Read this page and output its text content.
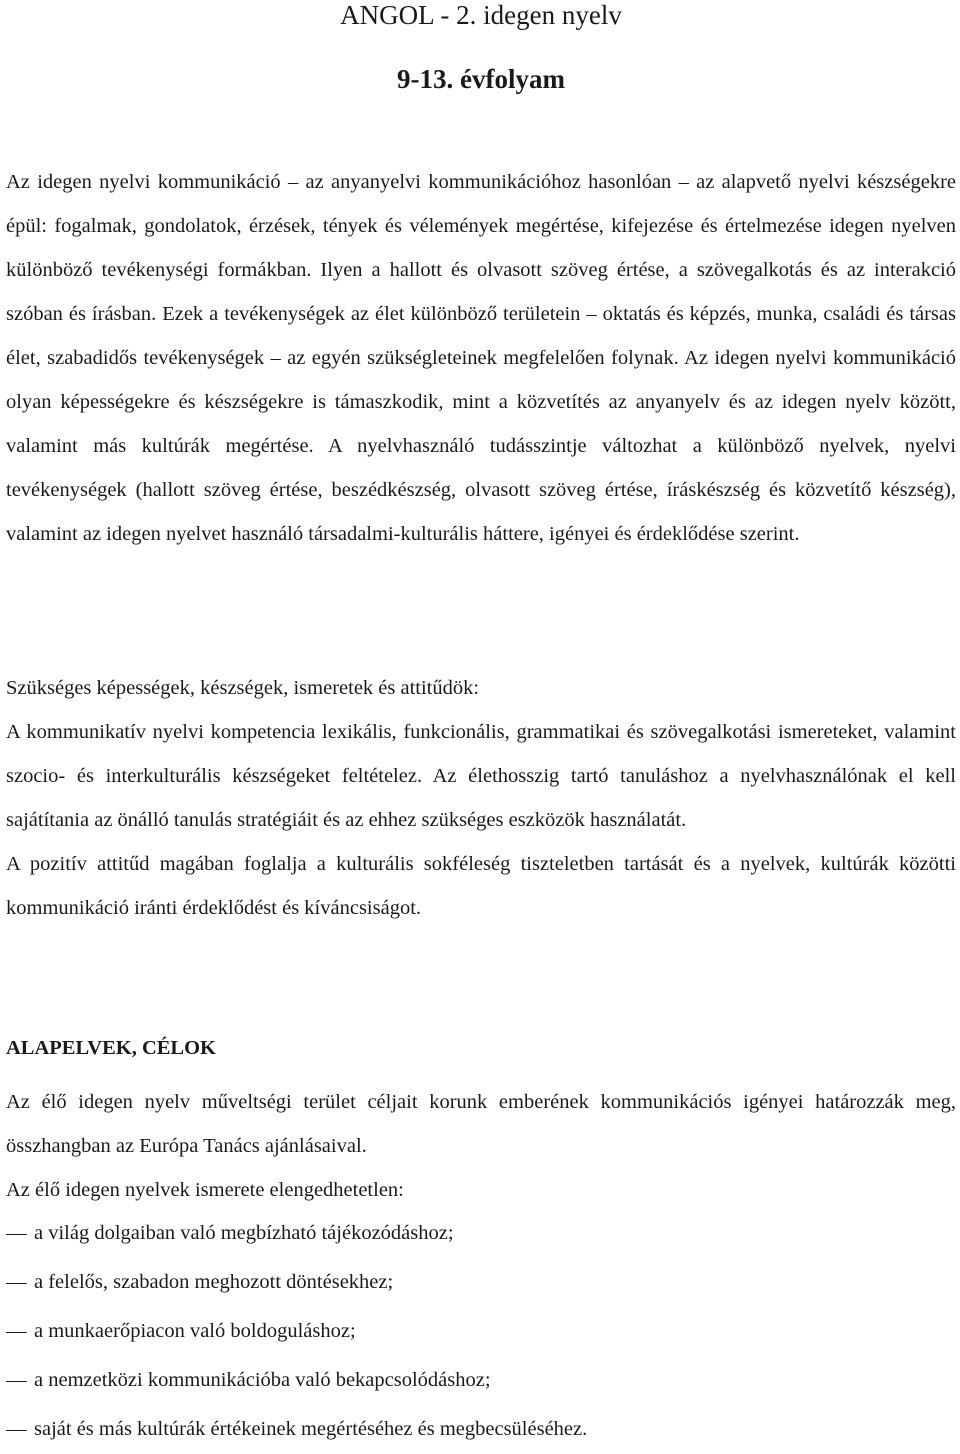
ANGOL - 2. idegen nyelv
9-13. évfolyam

Az idegen nyelvi kommunikáció – az anyanyelvi kommunikációhoz hasonlóan – az alapvető nyelvi készségekre épül: fogalmak, gondolatok, érzések, tények és vélemények megértése, kifejezése és értelmezése idegen nyelven különböző tevékenységi formákban. Ilyen a hallott és olvasott szöveg értése, a szövegalkotás és az interakció szóban és írásban. Ezek a tevékenységek az élet különböző területein – oktatás és képzés, munka, családi és társas élet, szabadidős tevékenységek – az egyén szükségleteinek megfelelően folynak. Az idegen nyelvi kommunikáció olyan képességekre és készségekre is támaszkodik, mint a közvetítés az anyanyelv és az idegen nyelv között, valamint más kultúrák megértése. A nyelvhasználó tudásszintje változhat a különböző nyelvek, nyelvi tevékenységek (hallott szöveg értése, beszédkészség, olvasott szöveg értése, íráskészség és közvetítő készség), valamint az idegen nyelvet használó társadalmi-kulturális háttere, igényei és érdeklődése szerint.

Szükséges képességek, készségek, ismeretek és attitűdök:

A kommunikatív nyelvi kompetencia lexikális, funkcionális, grammatikai és szövegalkotási ismereteket, valamint szocio- és interkulturális készségeket feltételez. Az élethosszig tartó tanuláshoz a nyelvhasználónak el kell sajátítania az önálló tanulás stratégiáit és az ehhez szükséges eszközök használatát.

A pozitív attitűd magában foglalja a kulturális sokféleség tiszteletben tartását és a nyelvek, kultúrák közötti kommunikáció iránti érdeklődést és kíváncsiságot.

ALAPELVEK, CÉLOK

Az élő idegen nyelv műveltségi terület céljait korunk emberének kommunikációs igényei határozzák meg, összhangban az Európa Tanács ajánlásaival.

Az élő idegen nyelvek ismerete elengedhetetlen:

— a világ dolgaiban való megbízható tájékozódáshoz;
— a felelős, szabadon meghozott döntésekhez;
— a munkaerőpiacon való boldoguláshoz;
— a nemzetközi kommunikációba való bekapcsolódáshoz;
— saját és más kultúrák értékeinek megértéséhez és megbecsüléséhez.
